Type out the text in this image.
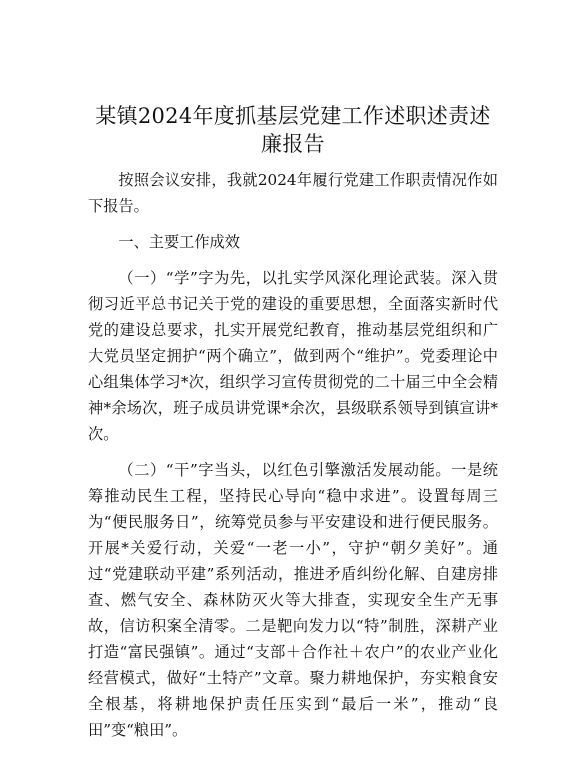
某镇2024年度抓基层党建工作述职述责述廉报告

按照会议安排，我就2024年履行党建工作职责情况作如下报告。

一、主要工作成效

（一）“学”字为先，以扎实学风深化理论武装。深入贯彻习近平总书记关于党的建设的重要思想，全面落实新时代党的建设总要求，扎实开展党纪教育，推动基层党组织和广大党员坚定拥护“两个确立”，做到两个“维护”。党委理论中心组集体学习*次，组织学习宣传贯彻党的二十届三中全会精神*余场次，班子成员讲党课*余次，县级联系领导到镇宣讲*次。

（二）“干”字当头，以红色引擎激活发展动能。一是统筹推动民生工程，坚持民心导向“稳中求进”。设置每周三为“便民服务日”，统筹党员参与平安建设和进行便民服务。开展*关爱行动，关爱“一老一小”，守护“朝夕美好”。通过“党建联动平建”系列活动，推进矛盾纠纷化解、自建房排查、燃气安全、森林防灭火等大排查，实现安全生产无事故，信访积案全清零。二是靶向发力以“特”制胜，深耕产业打造“富民强镇”。通过“支部＋合作社＋农户”的农业产业化经营模式，做好“土特产”文章。聚力耕地保护，夯实粮食安全根基，将耕地保护责任压实到“最后一米”，推动“良田”变“粮田”。
